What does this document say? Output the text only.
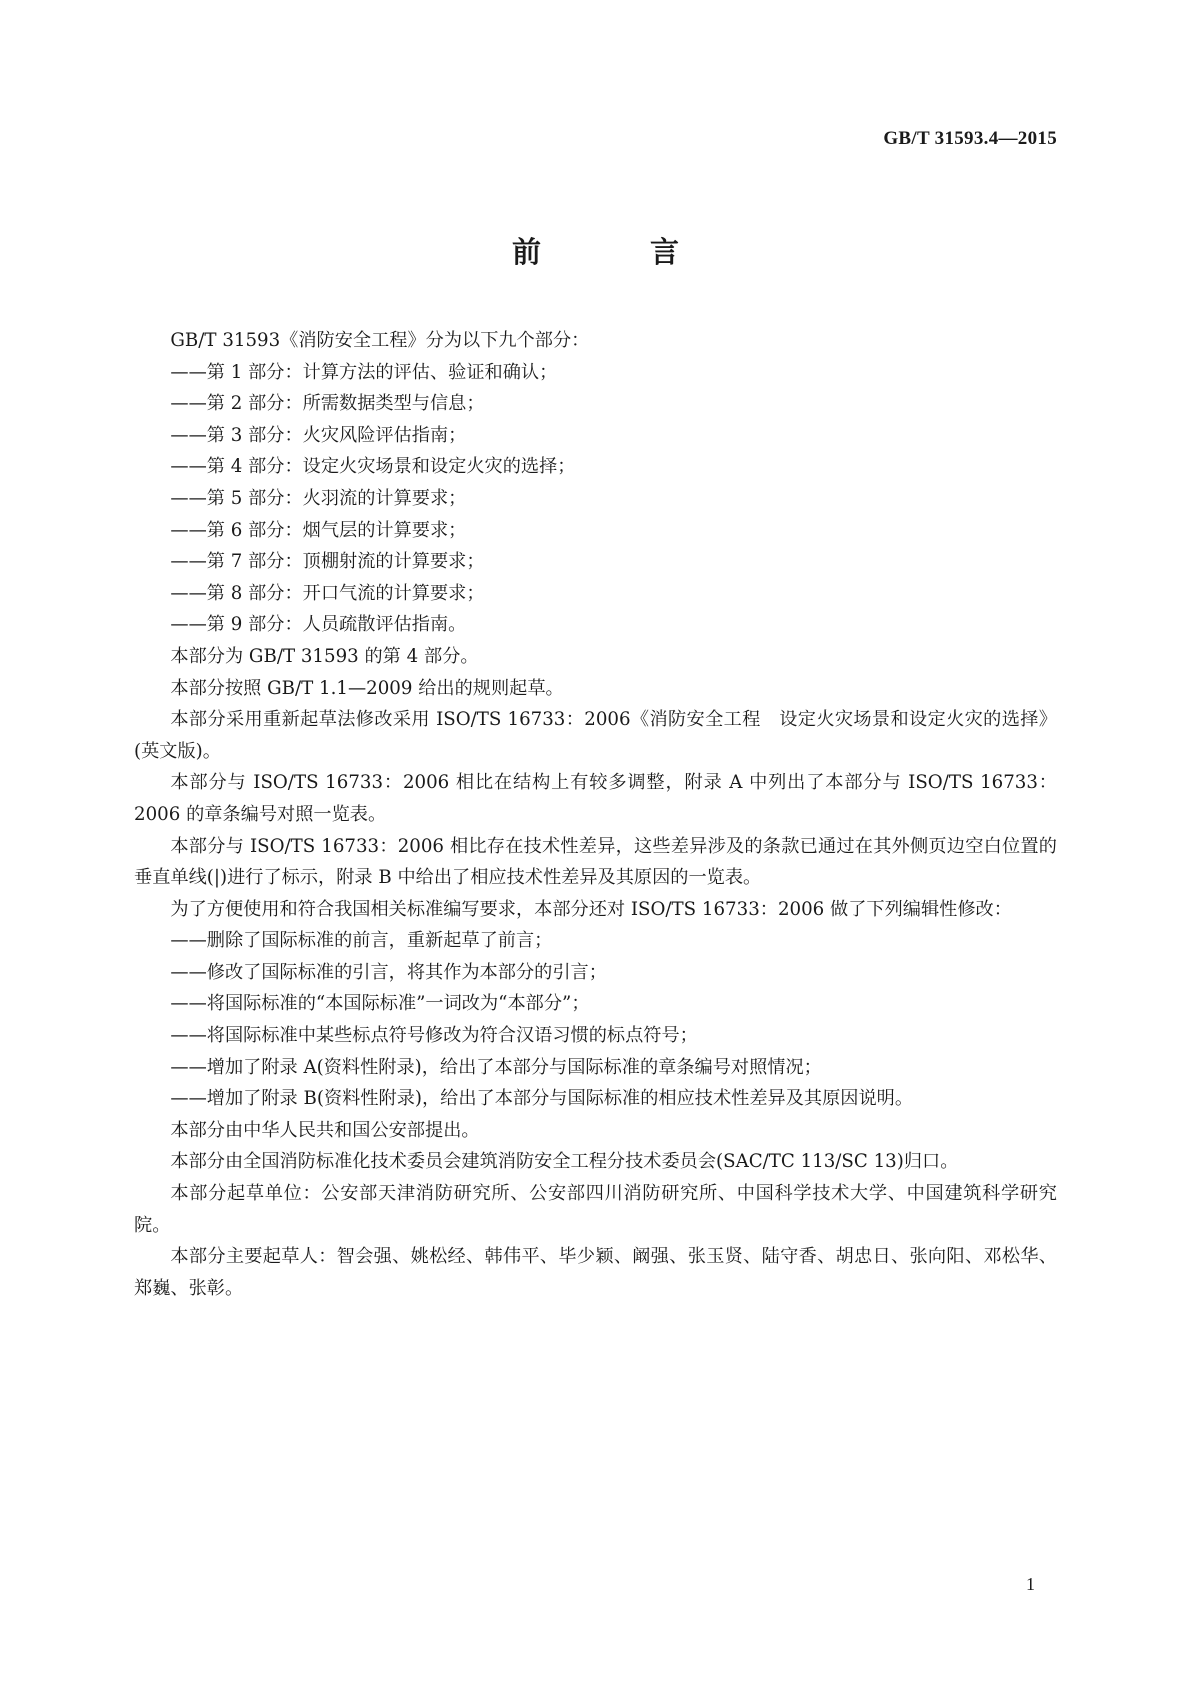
GB/T 31593.4—2015
前　言

GB/T 31593《消防安全工程》分为以下九个部分：

——第 1 部分：计算方法的评估、验证和确认；

——第 2 部分：所需数据类型与信息；

——第 3 部分：火灾风险评估指南；

——第 4 部分：设定火灾场景和设定火灾的选择；

——第 5 部分：火羽流的计算要求；

——第 6 部分：烟气层的计算要求；

——第 7 部分：顶棚射流的计算要求；

——第 8 部分：开口气流的计算要求；

——第 9 部分：人员疏散评估指南。

本部分为 GB/T 31593 的第 4 部分。

本部分按照 GB/T 1.1—2009 给出的规则起草。

本部分采用重新起草法修改采用 ISO/TS 16733：2006《消防安全工程　设定火灾场景和设定火灾的选择》(英文版)。

本部分与 ISO/TS 16733：2006 相比在结构上有较多调整，附录 A 中列出了本部分与 ISO/TS 16733：2006 的章条编号对照一览表。

本部分与 ISO/TS 16733：2006 相比存在技术性差异，这些差异涉及的条款已通过在其外侧页边空白位置的垂直单线(|)进行了标示，附录 B 中给出了相应技术性差异及其原因的一览表。

为了方便使用和符合我国相关标准编写要求，本部分还对 ISO/TS 16733：2006 做了下列编辑性修改：

——删除了国际标准的前言，重新起草了前言；

——修改了国际标准的引言，将其作为本部分的引言；

——将国际标准的“本国际标准”一词改为“本部分”；

——将国际标准中某些标点符号修改为符合汉语习惯的标点符号；

——增加了附录 A(资料性附录)，给出了本部分与国际标准的章条编号对照情况；

——增加了附录 B(资料性附录)，给出了本部分与国际标准的相应技术性差异及其原因说明。

本部分由中华人民共和国公安部提出。

本部分由全国消防标准化技术委员会建筑消防安全工程分技术委员会(SAC/TC 113/SC 13)归口。

本部分起草单位：公安部天津消防研究所、公安部四川消防研究所、中国科学技术大学、中国建筑科学研究院。

本部分主要起草人：智会强、姚松经、韩伟平、毕少颖、阚强、张玉贤、陆守香、胡忠日、张向阳、邓松华、郑巍、张彰。

1
